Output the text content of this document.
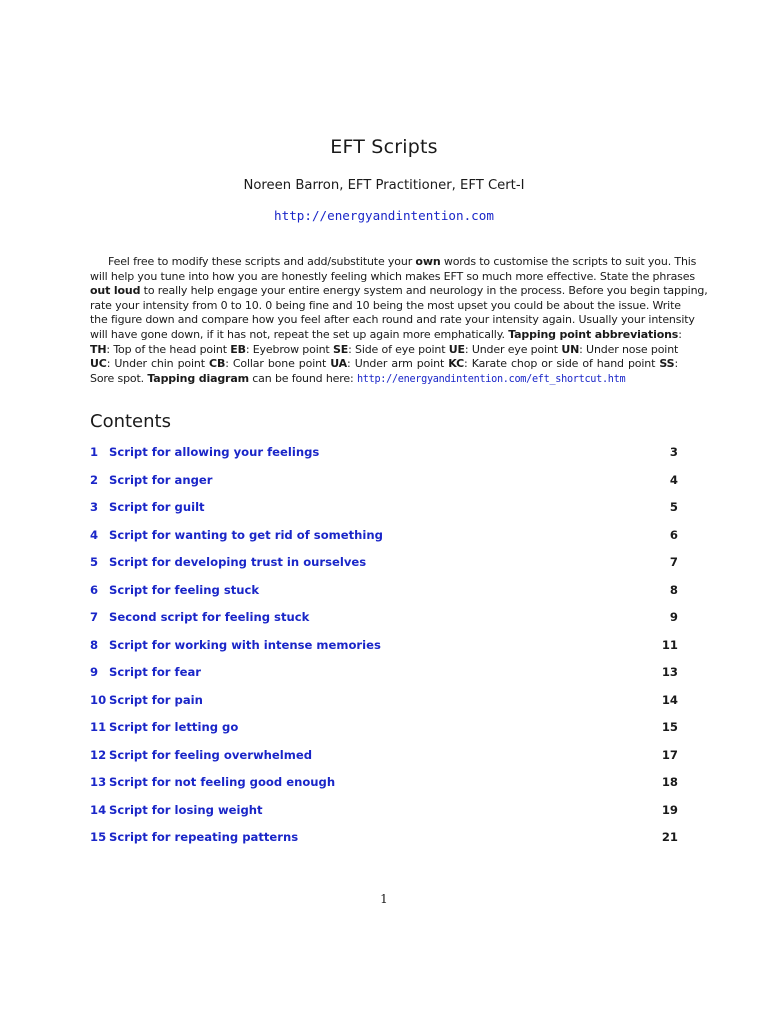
EFT Scripts
Noreen Barron, EFT Practitioner, EFT Cert-I
http://energyandintention.com
Feel free to modify these scripts and add/substitute your own words to customise the scripts to suit you. This
will help you tune into how you are honestly feeling which makes EFT so much more effective. State the phrases
out loud to really help engage your entire energy system and neurology in the process. Before you begin tapping,
rate your intensity from 0 to 10. 0 being fine and 10 being the most upset you could be about the issue. Write
the figure down and compare how you feel after each round and rate your intensity again. Usually your intensity
will have gone down, if it has not, repeat the set up again more emphatically. Tapping point abbreviations:
TH: Top of the head point EB: Eyebrow point SE: Side of eye point UE: Under eye point UN: Under nose point
UC: Under chin point CB: Collar bone point UA: Under arm point KC: Karate chop or side of hand point SS:
Sore spot. Tapping diagram can be found here: http://energyandintention.com/eft_shortcut.htm
Contents
1 Script for allowing your feelings	3
2 Script for anger	4
3 Script for guilt	5
4 Script for wanting to get rid of something	6
5 Script for developing trust in ourselves	7
6 Script for feeling stuck	8
7 Second script for feeling stuck	9
8 Script for working with intense memories	11
9 Script for fear	13
10 Script for pain	14
11 Script for letting go	15
12 Script for feeling overwhelmed	17
13 Script for not feeling good enough	18
14 Script for losing weight	19
15 Script for repeating patterns	21
1
